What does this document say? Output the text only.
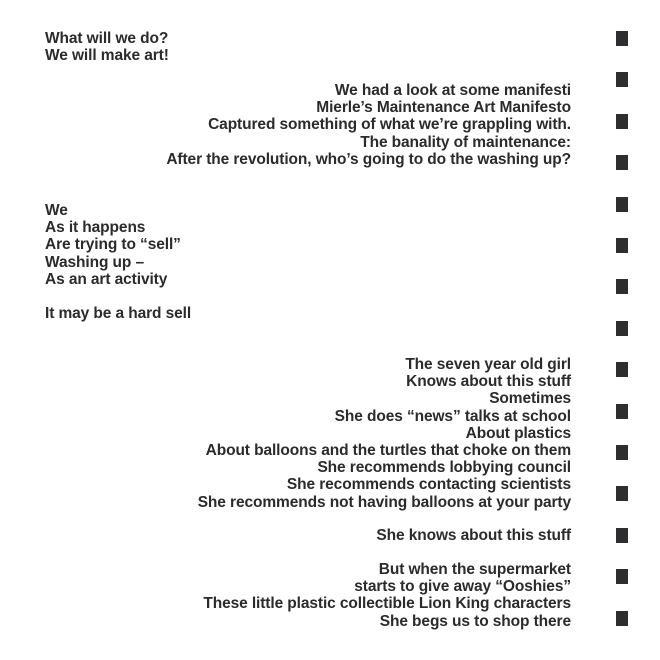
What will we do?
We will make art!
We had a look at some manifesti
Mierle’s Maintenance Art Manifesto
Captured something of what we’re grappling with.
The banality of maintenance:
After the revolution, who’s going to do the washing up?
We
As it happens
Are trying to “sell”
Washing up –
As an art activity
It may be a hard sell
The seven year old girl
Knows about this stuff
Sometimes
She does “news” talks at school
About plastics
About balloons and the turtles that choke on them
She recommends lobbying council
She recommends contacting scientists
She recommends not having balloons at your party
She knows about this stuff
But when the supermarket
starts to give away “Ooshies”
These little plastic collectible Lion King characters
She begs us to shop there
